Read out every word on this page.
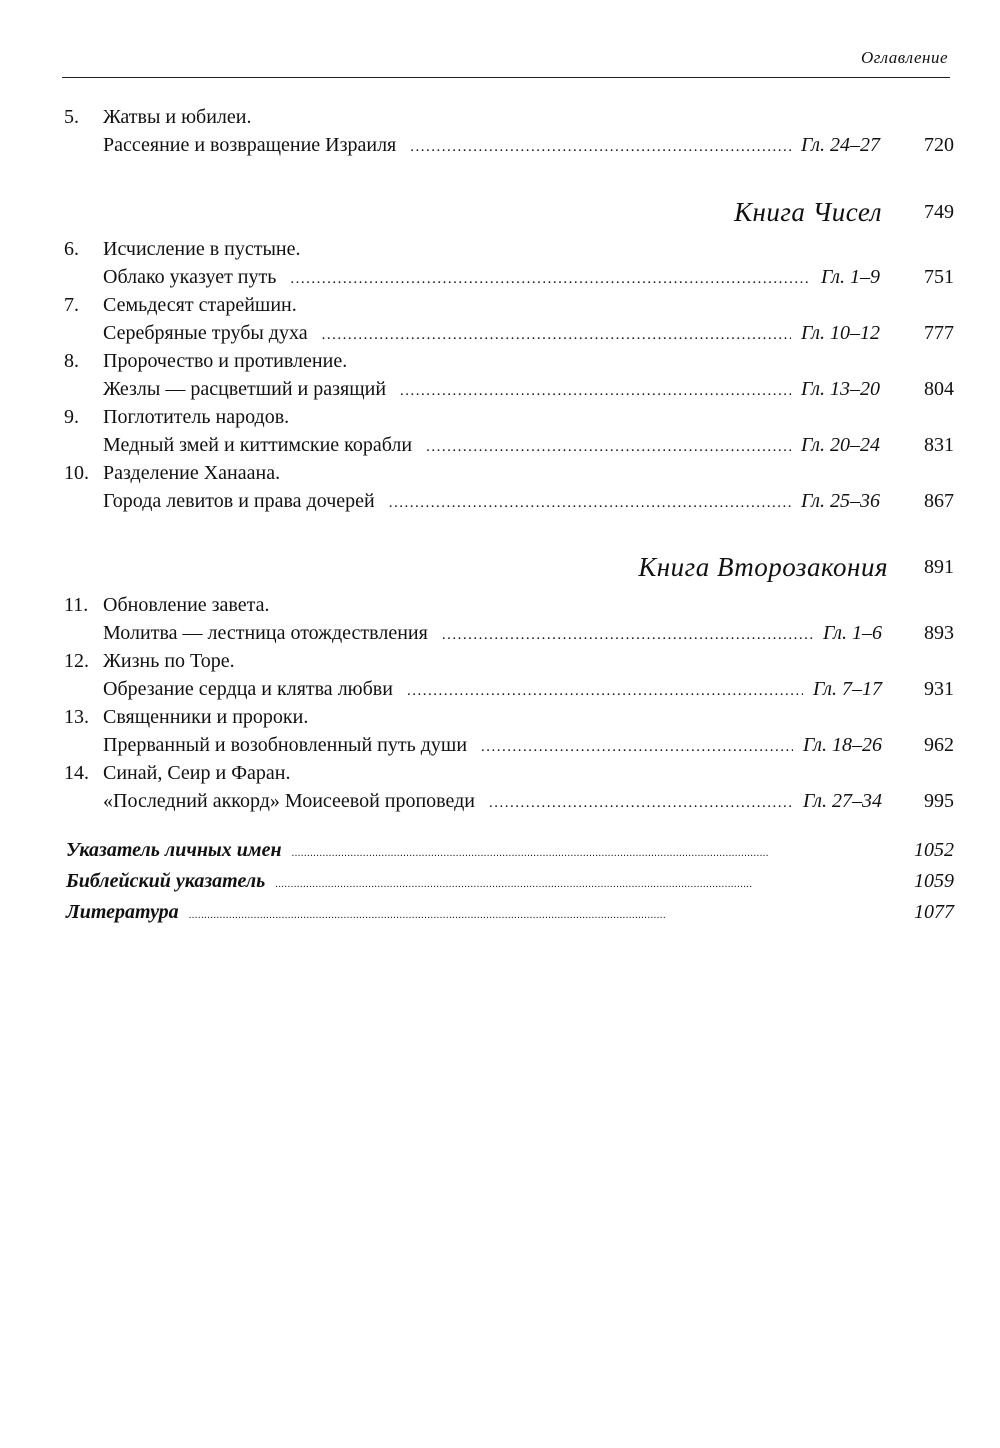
Оглавление
5. Жатвы и юбилеи.
Рассеяние и возвращение Израиля .....	Гл. 24–27 720
Книга Чисел 749
6. Исчисление в пустыне.
Облако указует путь .....	Гл. 1–9 751
7. Семьдесят старейшин.
Серебряные трубы духа .....	Гл. 10–12 777
8. Пророчество и противление.
Жезлы — расцветший и разящий .....	Гл. 13–20 804
9. Поглотитель народов.
Медный змей и киттимские корабли .....	Гл. 20–24 831
10. Разделение Ханаана.
Города левитов и права дочерей .....	Гл. 25–36 867
Книга Второзакония 891
11. Обновление завета.
Молитва — лестница отождествления .....	Гл. 1–6 893
12. Жизнь по Торе.
Обрезание сердца и клятва любви .....	Гл. 7–17 931
13. Священники и пророки.
Прерванный и возобновленный путь души .....	Гл. 18–26 962
14. Синай, Сеир и Фаран.
«Последний аккорд» Моисеевой проповеди .....	Гл. 27–34 995
Указатель личных имен .....	1052
Библейский указатель .....	1059
Литература .....	1077
